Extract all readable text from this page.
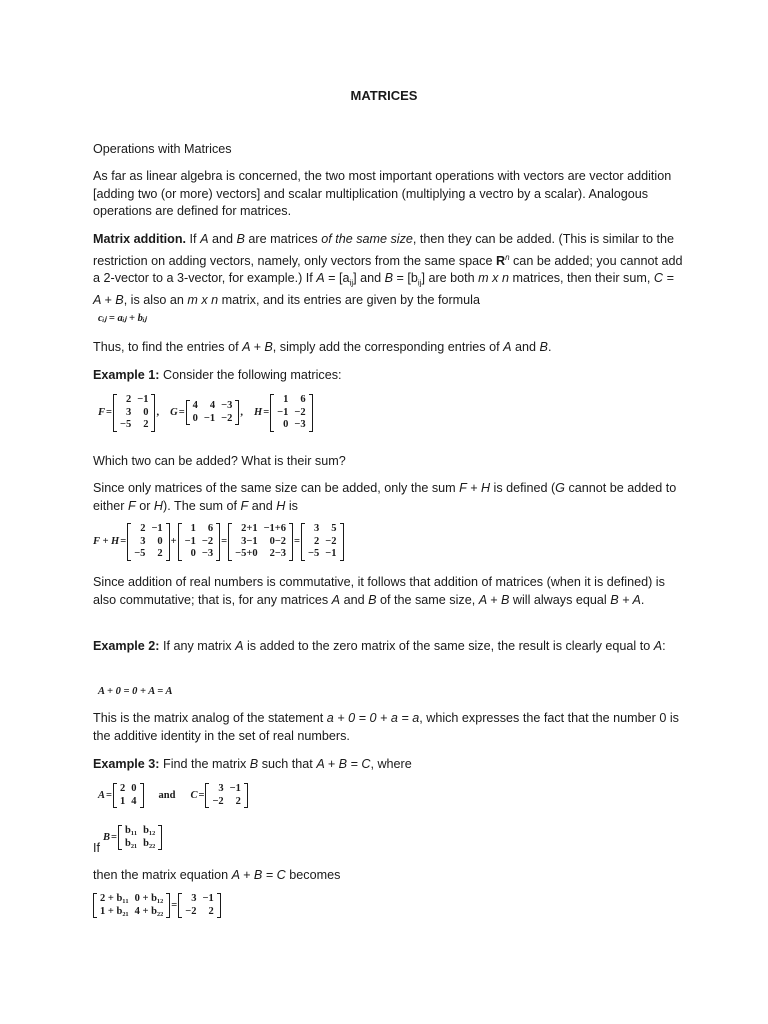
MATRICES
Operations with Matrices
As far as linear algebra is concerned, the two most important operations with vectors are vector addition [adding two (or more) vectors] and scalar multiplication (multiplying a vectro by a scalar). Analogous operations are defined for matrices.
Matrix addition. If A and B are matrices of the same size, then they can be added. (This is similar to the restriction on adding vectors, namely, only vectors from the same space $R^n$ can be added; you cannot add a 2-vector to a 3-vector, for example.) If $A = [a_{ij}]$ and $B = [b_{ij}]$ are both m x n matrices, then their sum, C = A + B, is also an m x n matrix, and its entries are given by the formula
cᵢⱼ = aᵢⱼ + bᵢⱼ
Thus, to find the entries of A + B, simply add the corresponding entries of A and B.
Example 1: Consider the following matrices:
F =
2	−1
3	0
−5	2
, G =
4	4	−3
0	−1	−2 , H =
1	6
−1	−2
0	−3
Which two can be added? What is their sum?
Since only matrices of the same size can be added, only the sum F + H is defined (G cannot be added to either F or H). The sum of F and H is
F + H =
2	−1
3	0
−5	2
+
1	6
−1	−2
0	−3
=
2+1	−1+6
3−1	0−2
−5+0	2−3
=
3	5
2	−2
−5	−1
Since addition of real numbers is commutative, it follows that addition of matrices (when it is defined) is also commutative; that is, for any matrices A and B of the same size, A + B will always equal B + A.
Example 2: If any matrix A is added to the zero matrix of the same size, the result is clearly equal to A:
A + 0 = 0 + A = A
This is the matrix analog of the statement a + 0 = 0 + a = a, which expresses the fact that the number 0 is the additive identity in the set of real numbers.
Example 3: Find the matrix B such that A + B = C, where
A =
2	0
1	4 and C =
3	−1
−2	2
If
B =
b₁₁	b₁₂
b₂₁	b₂₂
then the matrix equation A + B = C becomes
2 + b₁₁	0 + b₁₂
1 + b₂₁	4 + b₂₂ =
3	−1
−2	2
